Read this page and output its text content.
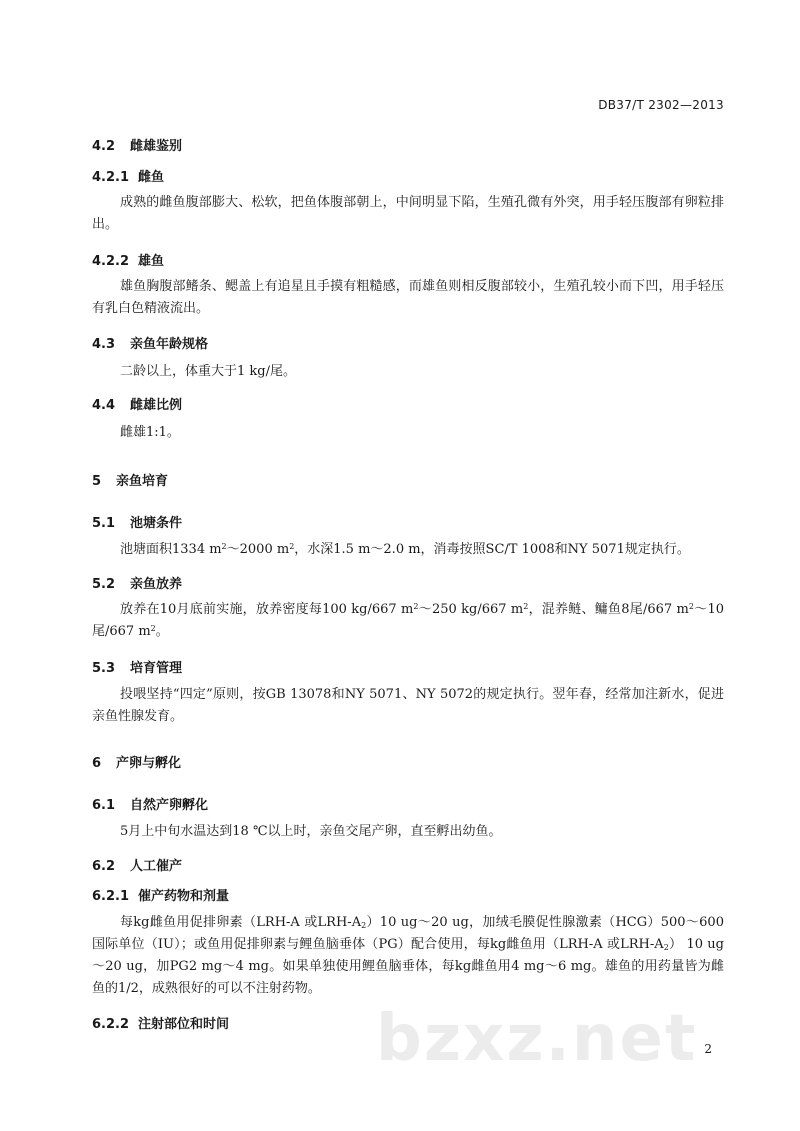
DB37/T 2302—2013
4.2 雌雄鉴别
4.2.1 雌鱼
成熟的雌鱼腹部膨大、松软，把鱼体腹部朝上，中间明显下陷，生殖孔微有外突，用手轻压腹部有卵粒排出。
4.2.2 雄鱼
雄鱼胸腹部鳍条、鳃盖上有追星且手摸有粗糙感，而雄鱼则相反腹部较小，生殖孔较小而下凹，用手轻压有乳白色精液流出。
4.3 亲鱼年龄规格
二龄以上，体重大于1 kg/尾。
4.4 雌雄比例
雌雄1:1。
5 亲鱼培育
5.1 池塘条件
池塘面积1334 $m^2\sim 2000$ $m^2$，水深1.5 m～2.0 m，消毒按照SC/T 1008和NY 5071规定执行。
5.2 亲鱼放养
放养在10月底前实施，放养密度每100 kg/667 $m^2\sim 250$ kg/667 $m^2$，混养鲢、鳙鱼8尾/667 $m^2\sim 10$尾/667 $m^2$。
5.3 培育管理
投喂坚持“四定”原则，按GB 13078和NY 5071、NY 5072的规定执行。翌年春，经常加注新水，促进亲鱼性腺发育。
6 产卵与孵化
6.1 自然产卵孵化
5月上中旬水温达到18 ℃以上时，亲鱼交尾产卵，直至孵出幼鱼。
6.2 人工催产
6.2.1 催产药物和剂量
每kg雌鱼用促排卵素（LRH-A 或LRH-$A_2)10$ ug～20 ug，加绒毛膜促性腺激素（HCG）500～600国际单位（IU）；或鱼用促排卵素与鲤鱼脑垂体（PG）配合使用，每kg雌鱼用（LRH-A 或LRH-$A_2$） 10 ug～20 ug，加PG2 mg～4 mg。如果单独使用鲤鱼脑垂体，每kg雌鱼用4 mg～6 mg。雄鱼的用药量皆为雌鱼的1/2，成熟很好的可以不注射药物。
6.2.2 注射部位和时间 bzxz.net 2
